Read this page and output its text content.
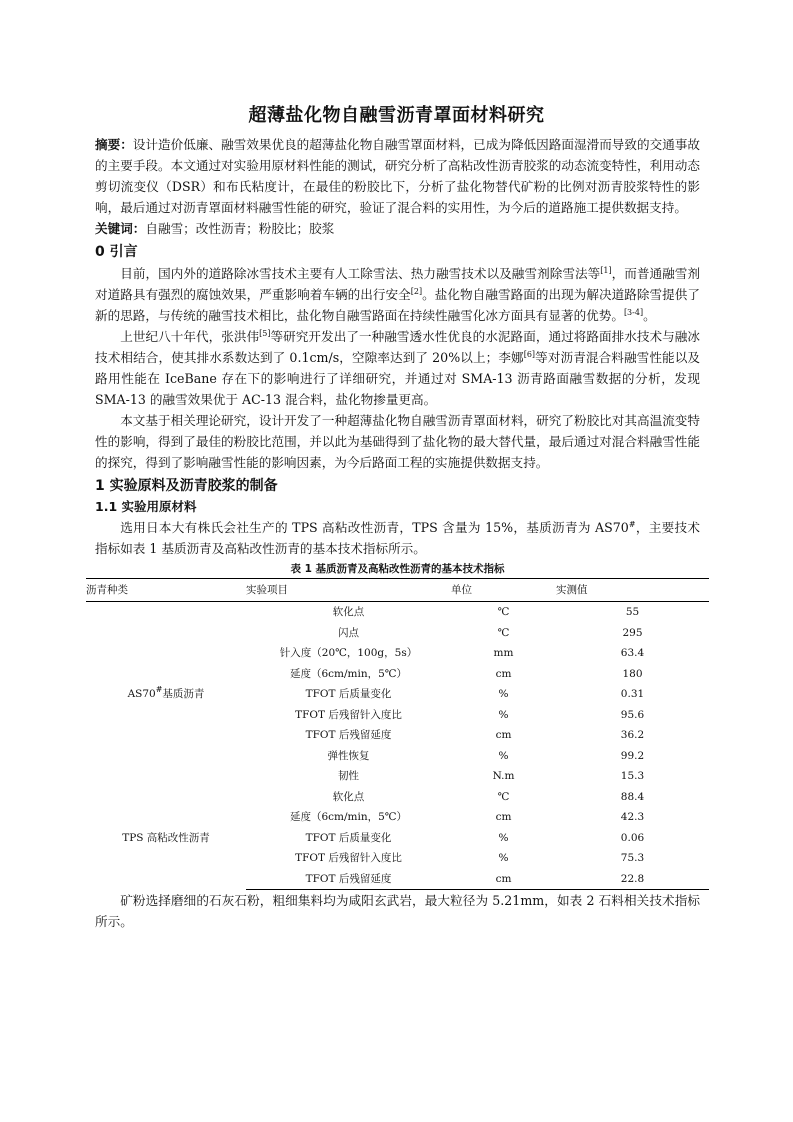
超薄盐化物自融雪沥青罩面材料研究

摘要：设计造价低廉、融雪效果优良的超薄盐化物自融雪罩面材料，已成为降低因路面湿滑而导致的交通事故的主要手段。本文通过对实验用原材料性能的测试，研究分析了高粘改性沥青胶浆的动态流变特性，利用动态剪切流变仪（DSR）和布氏粘度计，在最佳的粉胶比下，分析了盐化物替代矿粉的比例对沥青胶浆特性的影响，最后通过对沥青罩面材料融雪性能的研究，验证了混合料的实用性，为今后的道路施工提供数据支持。

关键词：自融雪；改性沥青；粉胶比；胶浆

0 引言

目前，国内外的道路除冰雪技术主要有人工除雪法、热力融雪技术以及融雪剂除雪法等[1]，而普通融雪剂对道路具有强烈的腐蚀效果，严重影响着车辆的出行安全[2]。盐化物自融雪路面的出现为解决道路除雪提供了新的思路，与传统的融雪技术相比，盐化物自融雪路面在持续性融雪化冰方面具有显著的优势。[3-4]。

上世纪八十年代，张洪伟[5]等研究开发出了一种融雪透水性优良的水泥路面，通过将路面排水技术与融冰技术相结合，使其排水系数达到了 0.1cm/s，空隙率达到了 20%以上；李娜[6]等对沥青混合料融雪性能以及路用性能在 IceBane 存在下的影响进行了详细研究，并通过对 SMA-13 沥青路面融雪数据的分析，发现 SMA-13 的融雪效果优于 AC-13 混合料，盐化物掺量更高。

本文基于相关理论研究，设计开发了一种超薄盐化物自融雪沥青罩面材料，研究了粉胶比对其高温流变特性的影响，得到了最佳的粉胶比范围，并以此为基础得到了盐化物的最大替代量，最后通过对混合料融雪性能的探究，得到了影响融雪性能的影响因素，为今后路面工程的实施提供数据支持。

1 实验原料及沥青胶浆的制备
1.1 实验用原材料

选用日本大有株氏会社生产的 TPS 高粘改性沥青，TPS 含量为 15%，基质沥青为 AS70#，主要技术指标如表 1 基质沥青及高粘改性沥青的基本技术指标所示。

表 1 基质沥青及高粘改性沥青的基本技术指标
沥青种类	实验项目	单位	实测值
AS70#基质沥青	软化点	℃	55
	闪点	℃	295
	针入度（20℃，100g，5s）	mm	63.4
	延度（6cm/min，5℃）	cm	180
	TFOT 后质量变化	%	0.31
	TFOT 后残留针入度比	%	95.6
	TFOT 后残留延度	cm	36.2
	弹性恢复	%	99.2
	韧性	N.m	15.3
TPS 高粘改性沥青	软化点	℃	88.4
	延度（6cm/min，5℃）	cm	42.3
	TFOT 后质量变化	%	0.06
	TFOT 后残留针入度比	%	75.3
	TFOT 后残留延度	cm	22.8

矿粉选择磨细的石灰石粉，粗细集料均为咸阳玄武岩，最大粒径为 5.21mm，如表 2 石料相关技术指标所示。
